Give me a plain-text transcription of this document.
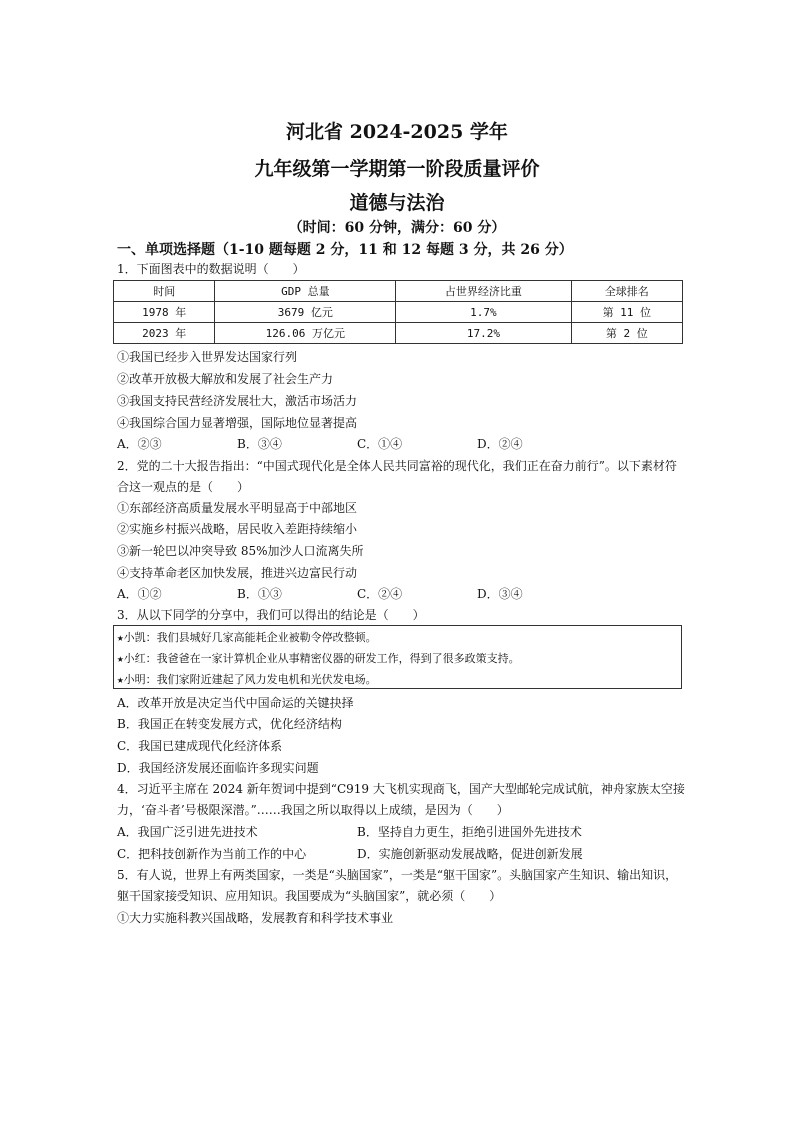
河北省 2024-2025 学年
九年级第一学期第一阶段质量评价
道德与法治
（时间：60 分钟，满分：60 分）
一、单项选择题（1-10 题每题 2 分，11 和 12 每题 3 分，共 26 分）
1．下面图表中的数据说明（　　）
时间	GDP 总量	占世界经济比重	全球排名
1978 年	3679 亿元	1.7%	第 11 位
2023 年	126.06 万亿元	17.2%	第 2 位
①我国已经步入世界发达国家行列
②改革开放极大解放和发展了社会生产力
③我国支持民营经济发展壮大，激活市场活力
④我国综合国力显著增强，国际地位显著提高
A．②③	B．③④	C．①④	D．②④
2．党的二十大报告指出：“中国式现代化是全体人民共同富裕的现代化，我们正在奋力前行”。以下素材符
合这一观点的是（　　）
①东部经济高质量发展水平明显高于中部地区
②实施乡村振兴战略，居民收入差距持续缩小
③新一轮巴以冲突导致 85%加沙人口流离失所
④支持革命老区加快发展，推进兴边富民行动
A．①②	B．①③	C．②④	D．③④
3．从以下同学的分享中，我们可以得出的结论是（　　）
★小凯：我们县城好几家高能耗企业被勒令停改整顿。
★小红：我爸爸在一家计算机企业从事精密仪器的研发工作，得到了很多政策支持。
★小明：我们家附近建起了风力发电机和光伏发电场。
A．改革开放是决定当代中国命运的关键抉择
B．我国正在转变发展方式，优化经济结构
C．我国已建成现代化经济体系
D．我国经济发展还面临许多现实问题
4．习近平主席在 2024 新年贺词中提到“C919 大飞机实现商飞，国产大型邮轮完成试航，神舟家族太空接
力，‘奋斗者’号极限深潜。”……我国之所以取得以上成绩，是因为（　　）
A．我国广泛引进先进技术	B．坚持自力更生，拒绝引进国外先进技术
C．把科技创新作为当前工作的中心	D．实施创新驱动发展战略，促进创新发展
5．有人说，世界上有两类国家，一类是“头脑国家”，一类是“躯干国家”。头脑国家产生知识、输出知识，
躯干国家接受知识、应用知识。我国要成为“头脑国家”，就必须（　　）
①大力实施科教兴国战略，发展教育和科学技术事业
